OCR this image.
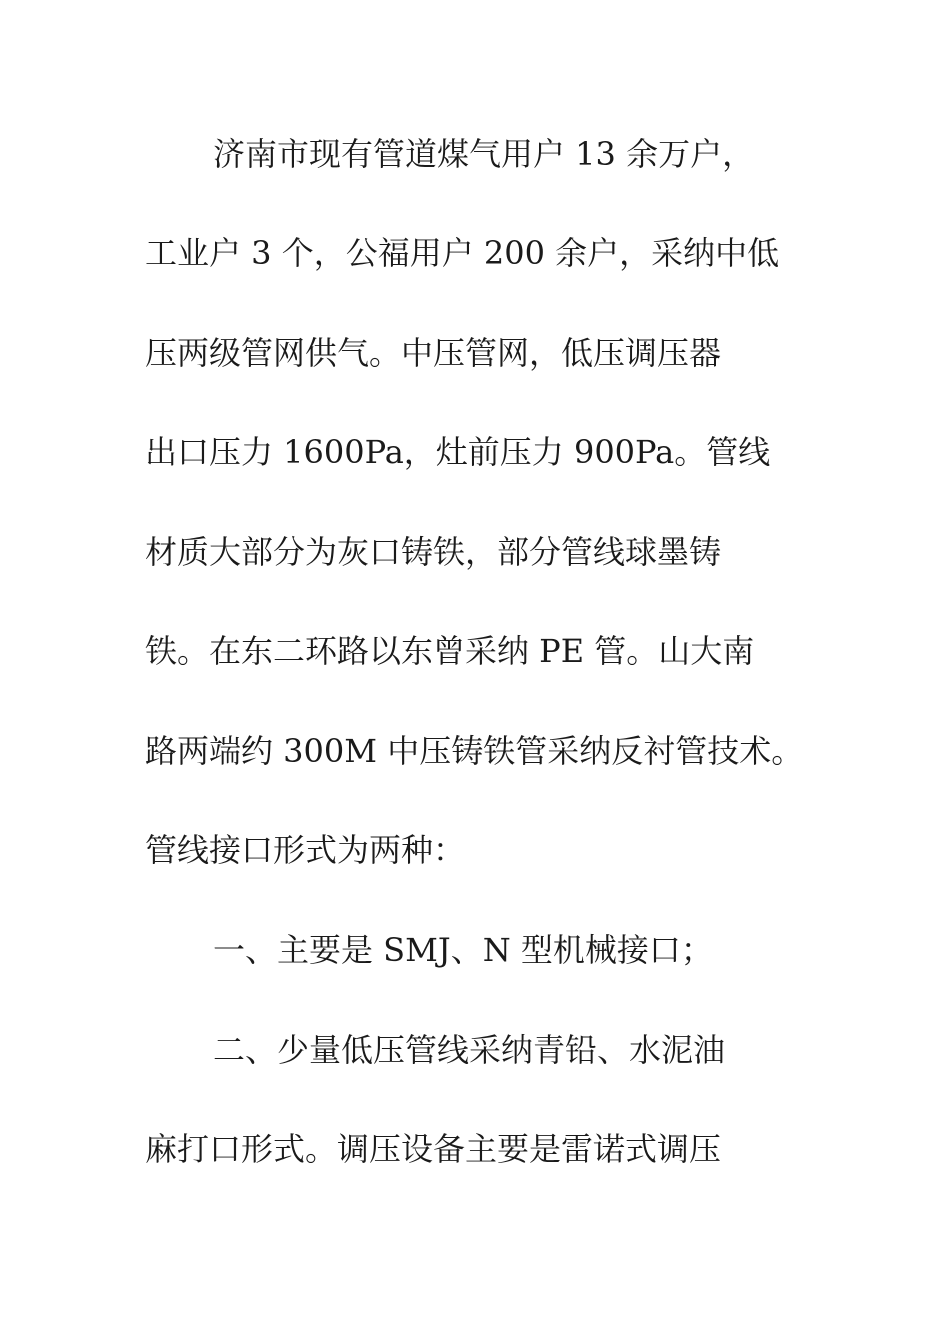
济南市现有管道煤气用户 13 余万户，
工业户 3 个，公福用户 200 余户，采纳中低
压两级管网供气。中压管网，低压调压器
出口压力 1600Pa，灶前压力 900Pa。管线
材质大部分为灰口铸铁，部分管线球墨铸
铁。在东二环路以东曾采纳 PE 管。山大南
路两端约 300M 中压铸铁管采纳反衬管技术。
管线接口形式为两种：
一、主要是 SMJ、N 型机械接口；
二、少量低压管线采纳青铅、水泥油
麻打口形式。调压设备主要是雷诺式调压
